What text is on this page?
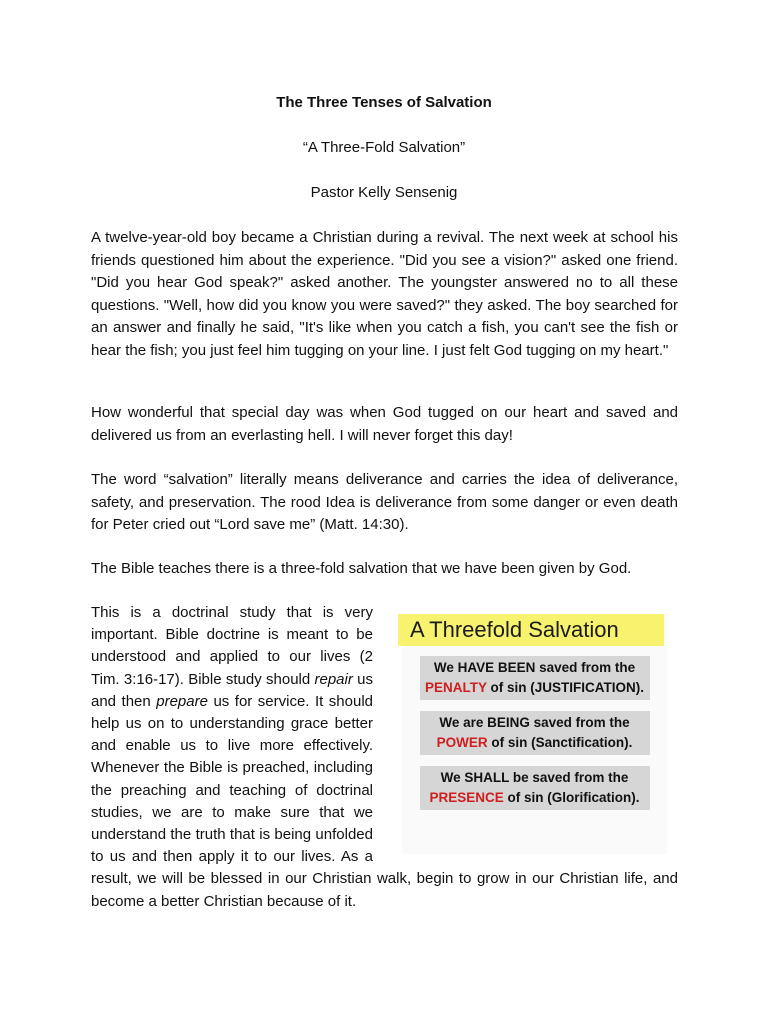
The Three Tenses of Salvation

“A Three-Fold Salvation”

Pastor Kelly Sensenig

A twelve-year-old boy became a Christian during a revival. The next week at school his friends questioned him about the experience. "Did you see a vision?" asked one friend. "Did you hear God speak?" asked another. The youngster answered no to all these questions. "Well, how did you know you were saved?" they asked. The boy searched for an answer and finally he said, "It's like when you catch a fish, you can't see the fish or hear the fish; you just feel him tugging on your line. I just felt God tugging on my heart."

How wonderful that special day was when God tugged on our heart and saved and delivered us from an everlasting hell. I will never forget this day!

The word “salvation” literally means deliverance and carries the idea of deliverance, safety, and preservation. The rood Idea is deliverance from some danger or even death for Peter cried out “Lord save me” (Matt. 14:30).

The Bible teaches there is a three-fold salvation that we have been given by God.

A Threefold Salvation
We HAVE BEEN saved from the
PENALTY of sin (JUSTIFICATION).
We are BEING saved from the
POWER of sin (Sanctification).
We SHALL be saved from the
PRESENCE of sin (Glorification).
This is a doctrinal study that is very important. Bible doctrine is meant to be understood and applied to our lives (2 Tim. 3:16-17). Bible study should repair us and then prepare us for service. It should help us on to understanding grace better and enable us to live more effectively. Whenever the Bible is preached, including the preaching and teaching of doctrinal studies, we are to make sure that we understand the truth that is being unfolded to us and then apply it to our lives. As a result, we will be blessed in our Christian walk, begin to grow in our Christian life, and become a better Christian because of it.
